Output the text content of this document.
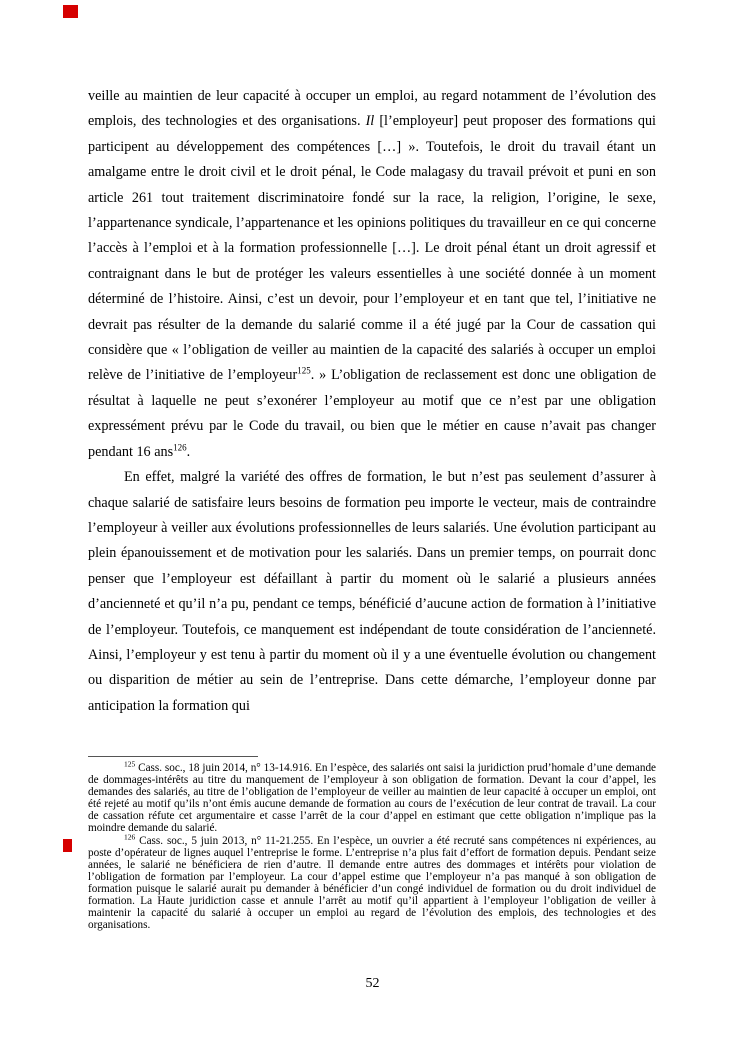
veille au maintien de leur capacité à occuper un emploi, au regard notamment de l’évolution des emplois, des technologies et des organisations. Il [l’employeur] peut proposer des formations qui participent au développement des compétences […] ». Toutefois, le droit du travail étant un amalgame entre le droit civil et le droit pénal, le Code malagasy du travail prévoit et puni en son article 261 tout traitement discriminatoire fondé sur la race, la religion, l’origine, le sexe, l’appartenance syndicale, l’appartenance et les opinions politiques du travailleur en ce qui concerne l’accès à l’emploi et à la formation professionnelle […]. Le droit pénal étant un droit agressif et contraignant dans le but de protéger les valeurs essentielles à une société donnée à un moment déterminé de l’histoire. Ainsi, c’est un devoir, pour l’employeur et en tant que tel, l’initiative ne devrait pas résulter de la demande du salarié comme il a été jugé par la Cour de cassation qui considère que « l’obligation de veiller au maintien de la capacité des salariés à occuper un emploi relève de l’initiative de l’employeur$^{125}$. » L’obligation de reclassement est donc une obligation de résultat à laquelle ne peut s’exonérer l’employeur au motif que ce n’est par une obligation expressément prévu par le Code du travail, ou bien que le métier en cause n’avait pas changer pendant 16 ans$^{126}$.

En effet, malgré la variété des offres de formation, le but n’est pas seulement d’assurer à chaque salarié de satisfaire leurs besoins de formation peu importe le vecteur, mais de contraindre l’employeur à veiller aux évolutions professionnelles de leurs salariés. Une évolution participant au plein épanouissement et de motivation pour les salariés. Dans un premier temps, on pourrait donc penser que l’employeur est défaillant à partir du moment où le salarié a plusieurs années d’ancienneté et qu’il n’a pu, pendant ce temps, bénéficié d’aucune action de formation à l’initiative de l’employeur. Toutefois, ce manquement est indépendant de toute considération de l’ancienneté. Ainsi, l’employeur y est tenu à partir du moment où il y a une éventuelle évolution ou changement ou disparition de métier au sein de l’entreprise. Dans cette démarche, l’employeur donne par anticipation la formation qui

$^{125}$ Cass. soc., 18 juin 2014, n° 13-14.916. En l’espèce, des salariés ont saisi la juridiction prud’homale d’une demande de dommages-intérêts au titre du manquement de l’employeur à son obligation de formation. Devant la cour d’appel, les demandes des salariés, au titre de l’obligation de l’employeur de veiller au maintien de leur capacité à occuper un emploi, ont été rejeté au motif qu’ils n’ont émis aucune demande de formation au cours de l’exécution de leur contrat de travail. La cour de cassation réfute cet argumentaire et casse l’arrêt de la cour d’appel en estimant que cette obligation n’implique pas la moindre demande du salarié.

$^{126}$ Cass. soc., 5 juin 2013, n° 11-21.255. En l’espèce, un ouvrier a été recruté sans compétences ni expériences, au poste d’opérateur de lignes auquel l’entreprise le forme. L’entreprise n’a plus fait d’effort de formation depuis. Pendant seize années, le salarié ne bénéficiera de rien d’autre. Il demande entre autres des dommages et intérêts pour violation de l’obligation de formation par l’employeur. La cour d’appel estime que l’employeur n’a pas manqué à son obligation de formation puisque le salarié aurait pu demander à bénéficier d’un congé individuel de formation ou du droit individuel de formation. La Haute juridiction casse et annule l’arrêt au motif qu’il appartient à l’employeur l’obligation de veiller à maintenir la capacité du salarié à occuper un emploi au regard de l’évolution des emplois, des technologies et des organisations.

52
